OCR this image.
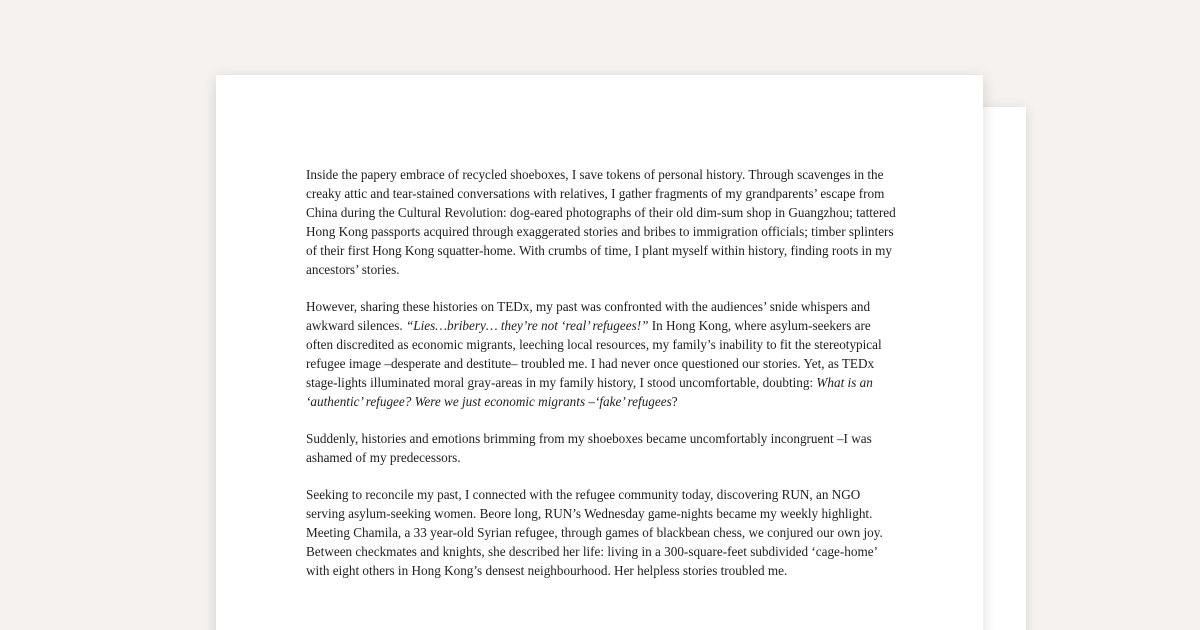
Inside the papery embrace of recycled shoeboxes, I save tokens of personal history. Through scavenges in the creaky attic and tear-stained conversations with relatives, I gather fragments of my grandparents’ escape from China during the Cultural Revolution: dog-eared photographs of their old dim-sum shop in Guangzhou; tattered Hong Kong passports acquired through exaggerated stories and bribes to immigration officials; timber splinters of their first Hong Kong squatter-home. With crumbs of time, I plant myself within history, finding roots in my ancestors’ stories.

However, sharing these histories on TEDx, my past was confronted with the audiences’ snide whispers and awkward silences. “Lies…bribery… they’re not ‘real’ refugees!” In Hong Kong, where asylum-seekers are often discredited as economic migrants, leeching local resources, my family’s inability to fit the stereotypical refugee image –desperate and destitute– troubled me. I had never once questioned our stories. Yet, as TEDx stage-lights illuminated moral gray-areas in my family history, I stood uncomfortable, doubting: What is an ‘authentic’ refugee? Were we just economic migrants –‘fake’ refugees?

Suddenly, histories and emotions brimming from my shoeboxes became uncomfortably incongruent –I was ashamed of my predecessors.

Seeking to reconcile my past, I connected with the refugee community today, discovering RUN, an NGO serving asylum-seeking women. Beore long, RUN’s Wednesday game-nights became my weekly highlight. Meeting Chamila, a 33 year-old Syrian refugee, through games of blackbean chess, we conjured our own joy. Between checkmates and knights, she described her life: living in a 300-square-feet subdivided ‘cage-home’ with eight others in Hong Kong’s densest neighbourhood. Her helpless stories troubled me.
